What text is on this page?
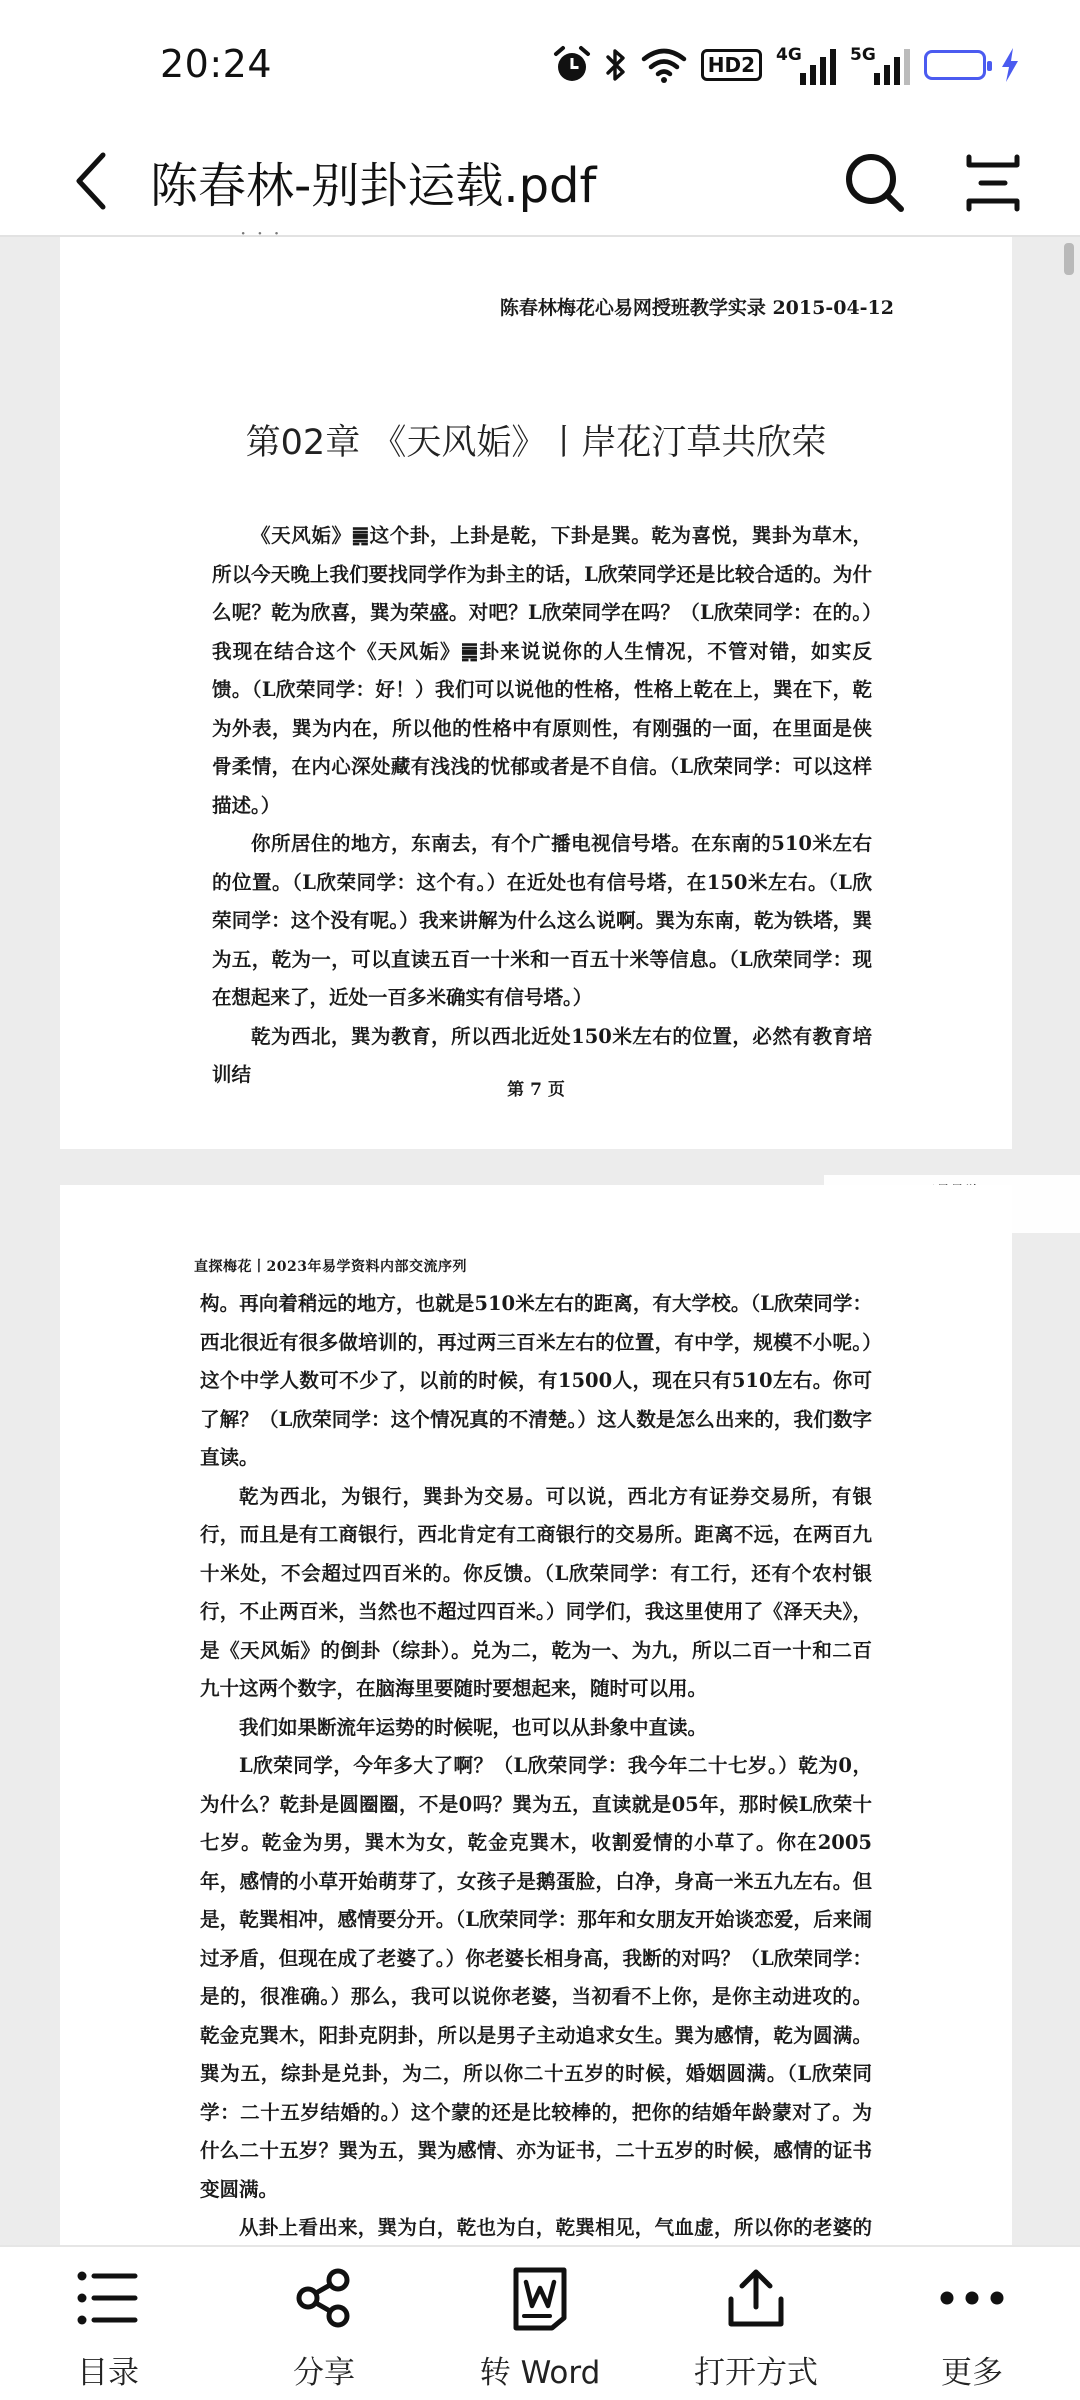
20:24	HD2	4G	5G
陈春林-别卦运载.pdf
· · ·
陈春林梅花心易网授班教学实录 2015-04-12
第02章 《天风姤》丨岸花汀草共欣荣

《天风姤》䷫这个卦，上卦是乾，下卦是巽。乾为喜悦，巽卦为草木，所以今天晚上我们要找同学作为卦主的话，L欣荣同学还是比较合适的。为什么呢？乾为欣喜，巽为荣盛。对吧？L欣荣同学在吗？（L欣荣同学：在的。）我现在结合这个《天风姤》䷫卦来说说你的人生情况，不管对错，如实反馈。（L欣荣同学：好！）我们可以说他的性格，性格上乾在上，巽在下，乾为外表，巽为内在，所以他的性格中有原则性，有刚强的一面，在里面是侠骨柔情，在内心深处藏有浅浅的忧郁或者是不自信。（L欣荣同学：可以这样描述。）

你所居住的地方，东南去，有个广播电视信号塔。在东南的510米左右的位置。（L欣荣同学：这个有。）在近处也有信号塔，在150米左右。（L欣荣同学：这个没有呢。）我来讲解为什么这么说啊。巽为东南，乾为铁塔，巽为五，乾为一，可以直读五百一十米和一百五十米等信息。（L欣荣同学：现在想起来了，近处一百多米确实有信号塔。）

乾为西北，巽为教育，所以西北近处150米左右的位置，必然有教育培训结

第 7 页
直探梅花丨2023年易学资料内部交流序列

构。再向着稍远的地方，也就是510米左右的距离，有大学校。（L欣荣同学：西北很近有很多做培训的，再过两三百米左右的位置，有中学，规模不小呢。）这个中学人数可不少了，以前的时候，有1500人，现在只有510左右。你可了解？（L欣荣同学：这个情况真的不清楚。）这人数是怎么出来的，我们数字直读。

乾为西北，为银行，巽卦为交易。可以说，西北方有证券交易所，有银行，而且是有工商银行，西北肯定有工商银行的交易所。距离不远，在两百九十米处，不会超过四百米的。你反馈。（L欣荣同学：有工行，还有个农村银行，不止两百米，当然也不超过四百米。）同学们，我这里使用了《泽天夬》，是《天风姤》的倒卦（综卦）。兑为二，乾为一、为九，所以二百一十和二百九十这两个数字，在脑海里要随时要想起来，随时可以用。

我们如果断流年运势的时候呢，也可以从卦象中直读。

L欣荣同学，今年多大了啊？（L欣荣同学：我今年二十七岁。）乾为0，为什么？乾卦是圆圈圈，不是0吗？巽为五，直读就是05年，那时候L欣荣十七岁。乾金为男，巽木为女，乾金克巽木，收割爱情的小草了。你在2005年，感情的小草开始萌芽了，女孩子是鹅蛋脸，白净，身高一米五九左右。但是，乾巽相冲，感情要分开。（L欣荣同学：那年和女朋友开始谈恋爱，后来闹过矛盾，但现在成了老婆了。）你老婆长相身高，我断的对吗？（L欣荣同学：是的，很准确。）那么，我可以说你老婆，当初看不上你，是你主动进攻的。乾金克巽木，阳卦克阴卦，所以是男子主动追求女生。巽为感情，乾为圆满。巽为五，综卦是兑卦，为二，所以你二十五岁的时候，婚姻圆满。（L欣荣同学：二十五岁结婚的。）这个蒙的还是比较棒的，把你的结婚年龄蒙对了。为什么二十五岁？巽为五，巽为感情、亦为证书，二十五岁的时候，感情的证书变圆满。

从卦上看出来，巽为白，乾也为白，乾巽相见，气血虚，所以你的老婆的

目录	分享	转 Word	打开方式	更多
